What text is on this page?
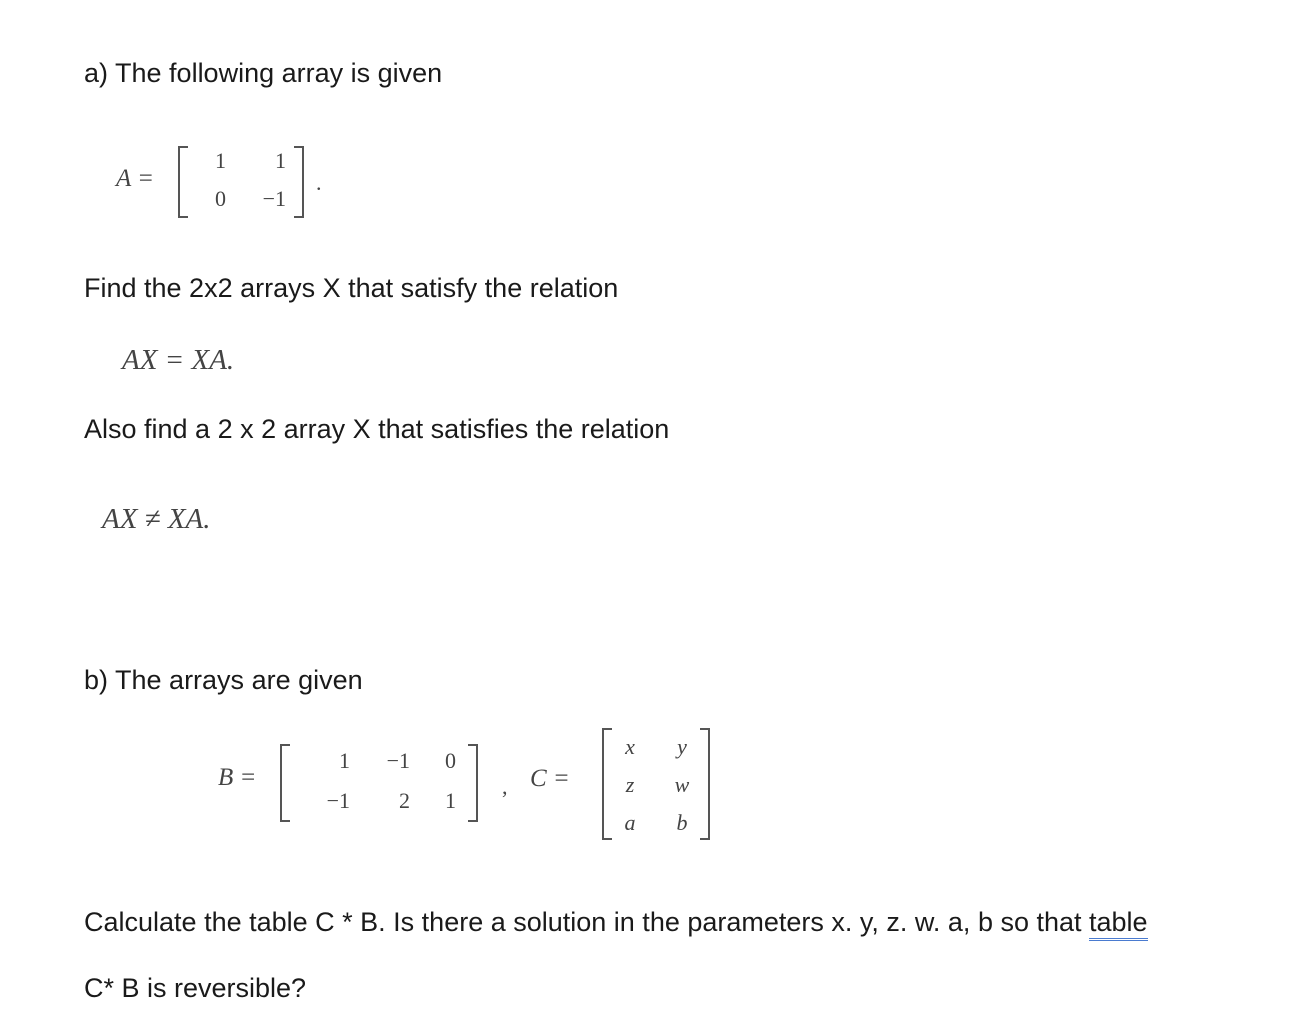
a) The following array is given
A =
1	1
0 −1
.
Find the 2x2 arrays X that satisfy the relation
AX = XA.
Also find a 2 x 2 array X that satisfies the relation
AX ≠ XA.
b) The arrays are given
B =
1	−1	0
−1	2	1
, C =
x	y
z	w
a b
Calculate the table C * B. Is there a solution in the parameters x. y, z. w. a, b so that table
C* B is reversible?
